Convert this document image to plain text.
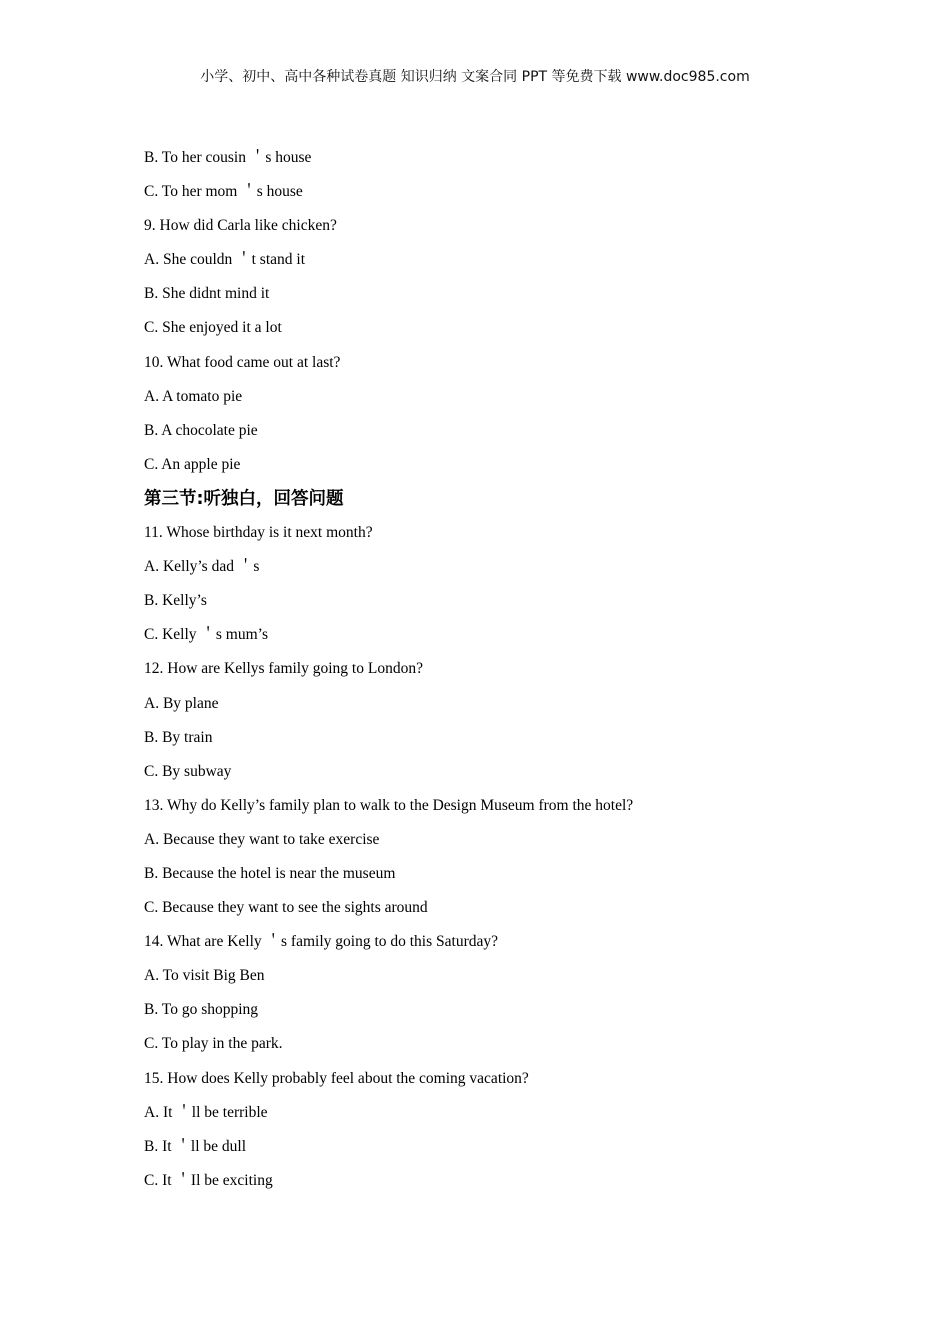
小学、初中、高中各种试卷真题 知识归纳 文案合同 PPT 等免费下载 www.doc985.com
B. To her cousin ＇s house
C. To her mom ＇s house
9. How did Carla like chicken?
A. She couldn ＇t stand it
B. She didnt mind it
C. She enjoyed it a lot
10. What food came out at last?
A. A tomato pie
B. A chocolate pie
C. An apple pie
第三节:听独白，回答问题
11. Whose birthday is it next month?
A. Kelly’s dad ＇s
B. Kelly’s
C. Kelly ＇s mum’s
12. How are Kellys family going to London?
A. By plane
B. By train
C. By subway
13. Why do Kelly’s family plan to walk to the Design Museum from the hotel?
A. Because they want to take exercise
B. Because the hotel is near the museum
C. Because they want to see the sights around
14. What are Kelly ＇s family going to do this Saturday?
A. To visit Big Ben
B. To go shopping
C. To play in the park.
15. How does Kelly probably feel about the coming vacation?
A. It ＇ll be terrible
B. It ＇ll be dull
C. It ＇Il be exciting
